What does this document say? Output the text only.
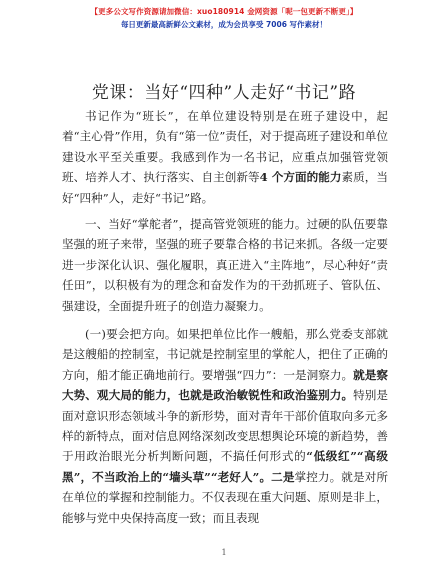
【更多公文写作资源请加微信：xuo180914 金网资源「呢一包更新不断更」】
每日更新最高新鲜公文素材，成为会员享受 7006 写作素材！
党课：当好“四种”人走好“书记”路

书记作为“班长”，在单位建设特别是在班子建设中，起着“主心骨”作用，负有“第一位”责任，对于提高班子建设和单位建设水平至关重要。我感到作为一名书记，应重点加强管党领班、培养人才、执行落实、自主创新等4 个方面的能力素质，当好“四种”人，走好“书记”路。

一、当好“掌舵者”，提高管党领班的能力。过硬的队伍要靠坚强的班子来带，坚强的班子要靠合格的书记来抓。各级一定要进一步深化认识、强化履职，真正进入“主阵地”，尽心种好“责任田”，以积极有为的理念和奋发作为的干劲抓班子、管队伍、强建设，全面提升班子的创造力凝聚力。

(一)要会把方向。如果把单位比作一艘船，那么党委支部就是这艘船的控制室，书记就是控制室里的掌舵人，把住了正确的方向，船才能正确地前行。要增强“四力”：一是洞察力。就是察大势、观大局的能力，也就是政治敏锐性和政治鉴别力。特别是面对意识形态领域斗争的新形势，面对青年干部价值取向多元多样的新特点，面对信息网络深刻改变思想舆论环境的新趋势，善于用政治眼光分析判断问题，不搞任何形式的“低级红”“高级黑”，不当政治上的“墙头草”“老好人”。二是掌控力。就是对所在单位的掌握和控制能力。不仅表现在重大问题、原则是非上，能够与党中央保持高度一致；而且表现

1
